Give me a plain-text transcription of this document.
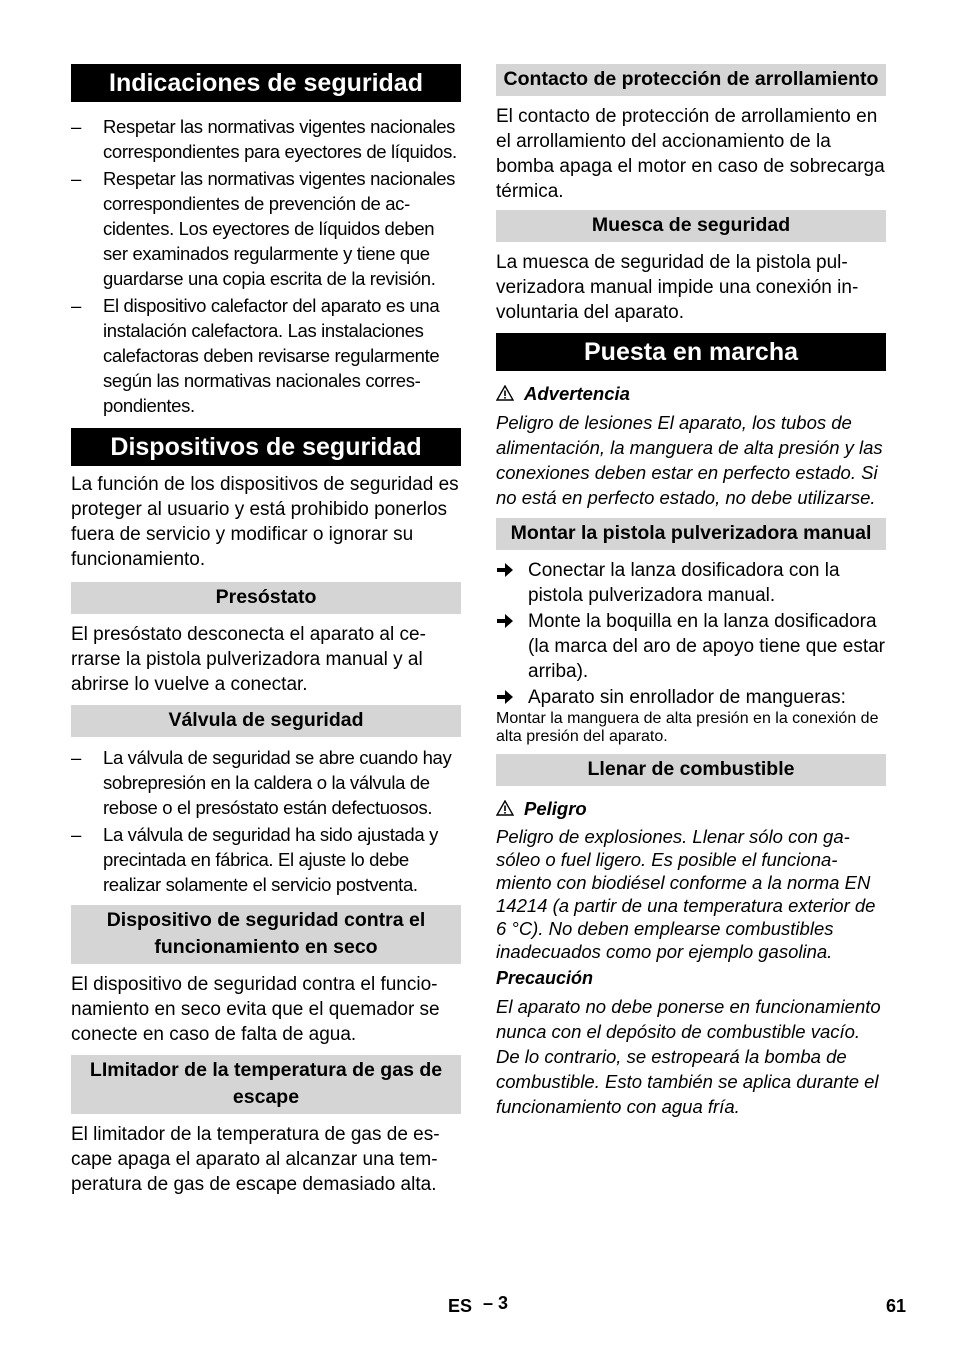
Indicaciones de seguridad
– Respetar las normativas vigentes nacionales correspondientes para eyectores de líquidos.
– Respetar las normativas vigentes nacionales correspondientes de prevención de accidentes. Los eyectores de líquidos deben ser examinados regularmente y tiene que guardarse una copia escrita de la revisión.
– El dispositivo calefactor del aparato es una instalación calefactora. Las instalaciones calefactoras deben revisarse regularmente según las normativas nacionales correspondientes.
Dispositivos de seguridad

La función de los dispositivos de seguridad es proteger al usuario y está prohibido ponerlos fuera de servicio y modificar o ignorar su funcionamiento.

Presóstato

El presóstato desconecta el aparato al cerrarse la pistola pulverizadora manual y al abrirse lo vuelve a conectar.

Válvula de seguridad
– La válvula de seguridad se abre cuando hay sobrepresión en la caldera o la válvula de rebose o el presóstato están defectuosos.
– La válvula de seguridad ha sido ajustada y precintada en fábrica. El ajuste lo debe realizar solamente el servicio postventa.
Dispositivo de seguridad contra el funcionamiento en seco

El dispositivo de seguridad contra el funcionamiento en seco evita que el quemador se conecte en caso de falta de agua.

LImitador de la temperatura de gas de escape

El limitador de la temperatura de gas de escape apaga el aparato al alcanzar una temperatura de gas de escape demasiado alta.

Contacto de protección de arrollamiento

El contacto de protección de arrollamiento en el arrollamiento del accionamiento de la bomba apaga el motor en caso de sobrecarga térmica.

Muesca de seguridad

La muesca de seguridad de la pistola pulverizadora manual impide una conexión involuntaria del aparato.

Puesta en marcha

Advertencia

Peligro de lesiones El aparato, los tubos de alimentación, la manguera de alta presión y las conexiones deben estar en perfecto estado. Si no está en perfecto estado, no debe utilizarse.

Montar la pistola pulverizadora manual
Conectar la lanza dosificadora con la pistola pulverizadora manual.
Monte la boquilla en la lanza dosificadora (la marca del aro de apoyo tiene que estar arriba).
Aparato sin enrollador de mangueras:

Montar la manguera de alta presión en la conexión de alta presión del aparato.

Llenar de combustible

Peligro

Peligro de explosiones. Llenar sólo con gasóleo o fuel ligero. Es posible el funcionamiento con biodiésel conforme a la norma EN 14214 (a partir de una temperatura exterior de 6 °C). No deben emplearse combustibles inadecuados como por ejemplo gasolina.

Precaución

El aparato no debe ponerse en funcionamiento nunca con el depósito de combustible vacío. De lo contrario, se estropeará la bomba de combustible. Esto también se aplica durante el funcionamiento con agua fría.

ES – 3	61
